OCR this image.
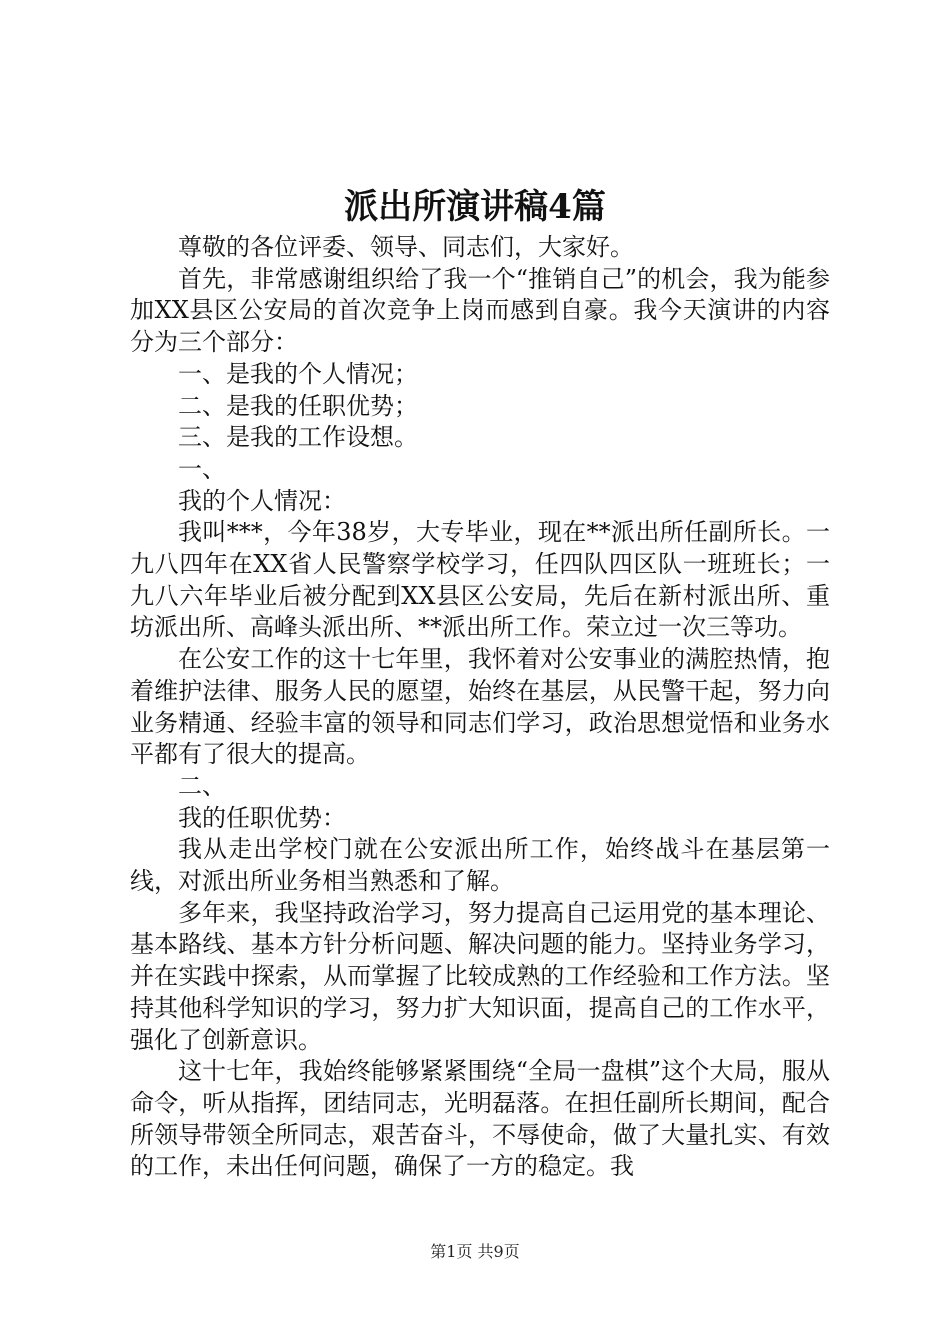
派出所演讲稿4篇

尊敬的各位评委、领导、同志们，大家好。

首先，非常感谢组织给了我一个“推销自己”的机会，我为能参加XX县区公安局的首次竞争上岗而感到自豪。我今天演讲的内容分为三个部分：

一、是我的个人情况；

二、是我的任职优势；

三、是我的工作设想。

一、

我的个人情况：

我叫***，今年38岁，大专毕业，现在**派出所任副所长。一九八四年在XX省人民警察学校学习，任四队四区队一班班长；一九八六年毕业后被分配到XX县区公安局，先后在新村派出所、重坊派出所、高峰头派出所、**派出所工作。荣立过一次三等功。

在公安工作的这十七年里，我怀着对公安事业的满腔热情，抱着维护法律、服务人民的愿望，始终在基层，从民警干起，努力向业务精通、经验丰富的领导和同志们学习，政治思想觉悟和业务水平都有了很大的提高。

二、

我的任职优势：

我从走出学校门就在公安派出所工作，始终战斗在基层第一线，对派出所业务相当熟悉和了解。

多年来，我坚持政治学习，努力提高自己运用党的基本理论、基本路线、基本方针分析问题、解决问题的能力。坚持业务学习，并在实践中探索，从而掌握了比较成熟的工作经验和工作方法。坚持其他科学知识的学习，努力扩大知识面，提高自己的工作水平，强化了创新意识。

这十七年，我始终能够紧紧围绕“全局一盘棋”这个大局，服从命令，听从指挥，团结同志，光明磊落。在担任副所长期间，配合所领导带领全所同志，艰苦奋斗，不辱使命，做了大量扎实、有效的工作，未出任何问题，确保了一方的稳定。我

第1页 共9页
